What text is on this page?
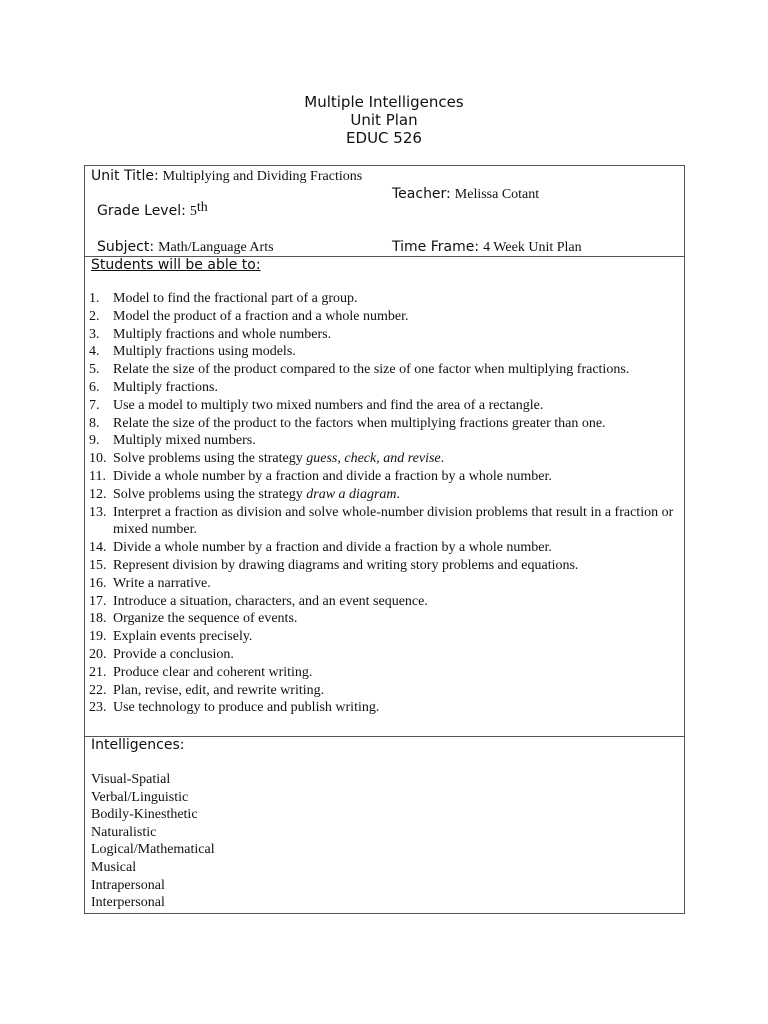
Multiple Intelligences
Unit Plan
EDUC 526
Unit Title: Multiplying and Dividing Fractions
Teacher: Melissa Cotant
Grade Level: 5th
Subject: Math/Language Arts	Time Frame: 4 Week Unit Plan
Students will be able to:
1. Model to find the fractional part of a group.
2. Model the product of a fraction and a whole number.
3. Multiply fractions and whole numbers.
4. Multiply fractions using models.
5. Relate the size of the product compared to the size of one factor when multiplying fractions.
6. Multiply fractions.
7. Use a model to multiply two mixed numbers and find the area of a rectangle.
8. Relate the size of the product to the factors when multiplying fractions greater than one.
9. Multiply mixed numbers.
10. Solve problems using the strategy guess, check, and revise.
11. Divide a whole number by a fraction and divide a fraction by a whole number.
12. Solve problems using the strategy draw a diagram.
13. Interpret a fraction as division and solve whole-number division problems that result in a fraction or mixed number.
14. Divide a whole number by a fraction and divide a fraction by a whole number.
15. Represent division by drawing diagrams and writing story problems and equations.
16. Write a narrative.
17. Introduce a situation, characters, and an event sequence.
18. Organize the sequence of events.
19. Explain events precisely.
20. Provide a conclusion.
21. Produce clear and coherent writing.
22. Plan, revise, edit, and rewrite writing.
23. Use technology to produce and publish writing.
Intelligences:
Visual-Spatial
Verbal/Linguistic
Bodily-Kinesthetic
Naturalistic
Logical/Mathematical
Musical
Intrapersonal
Interpersonal
